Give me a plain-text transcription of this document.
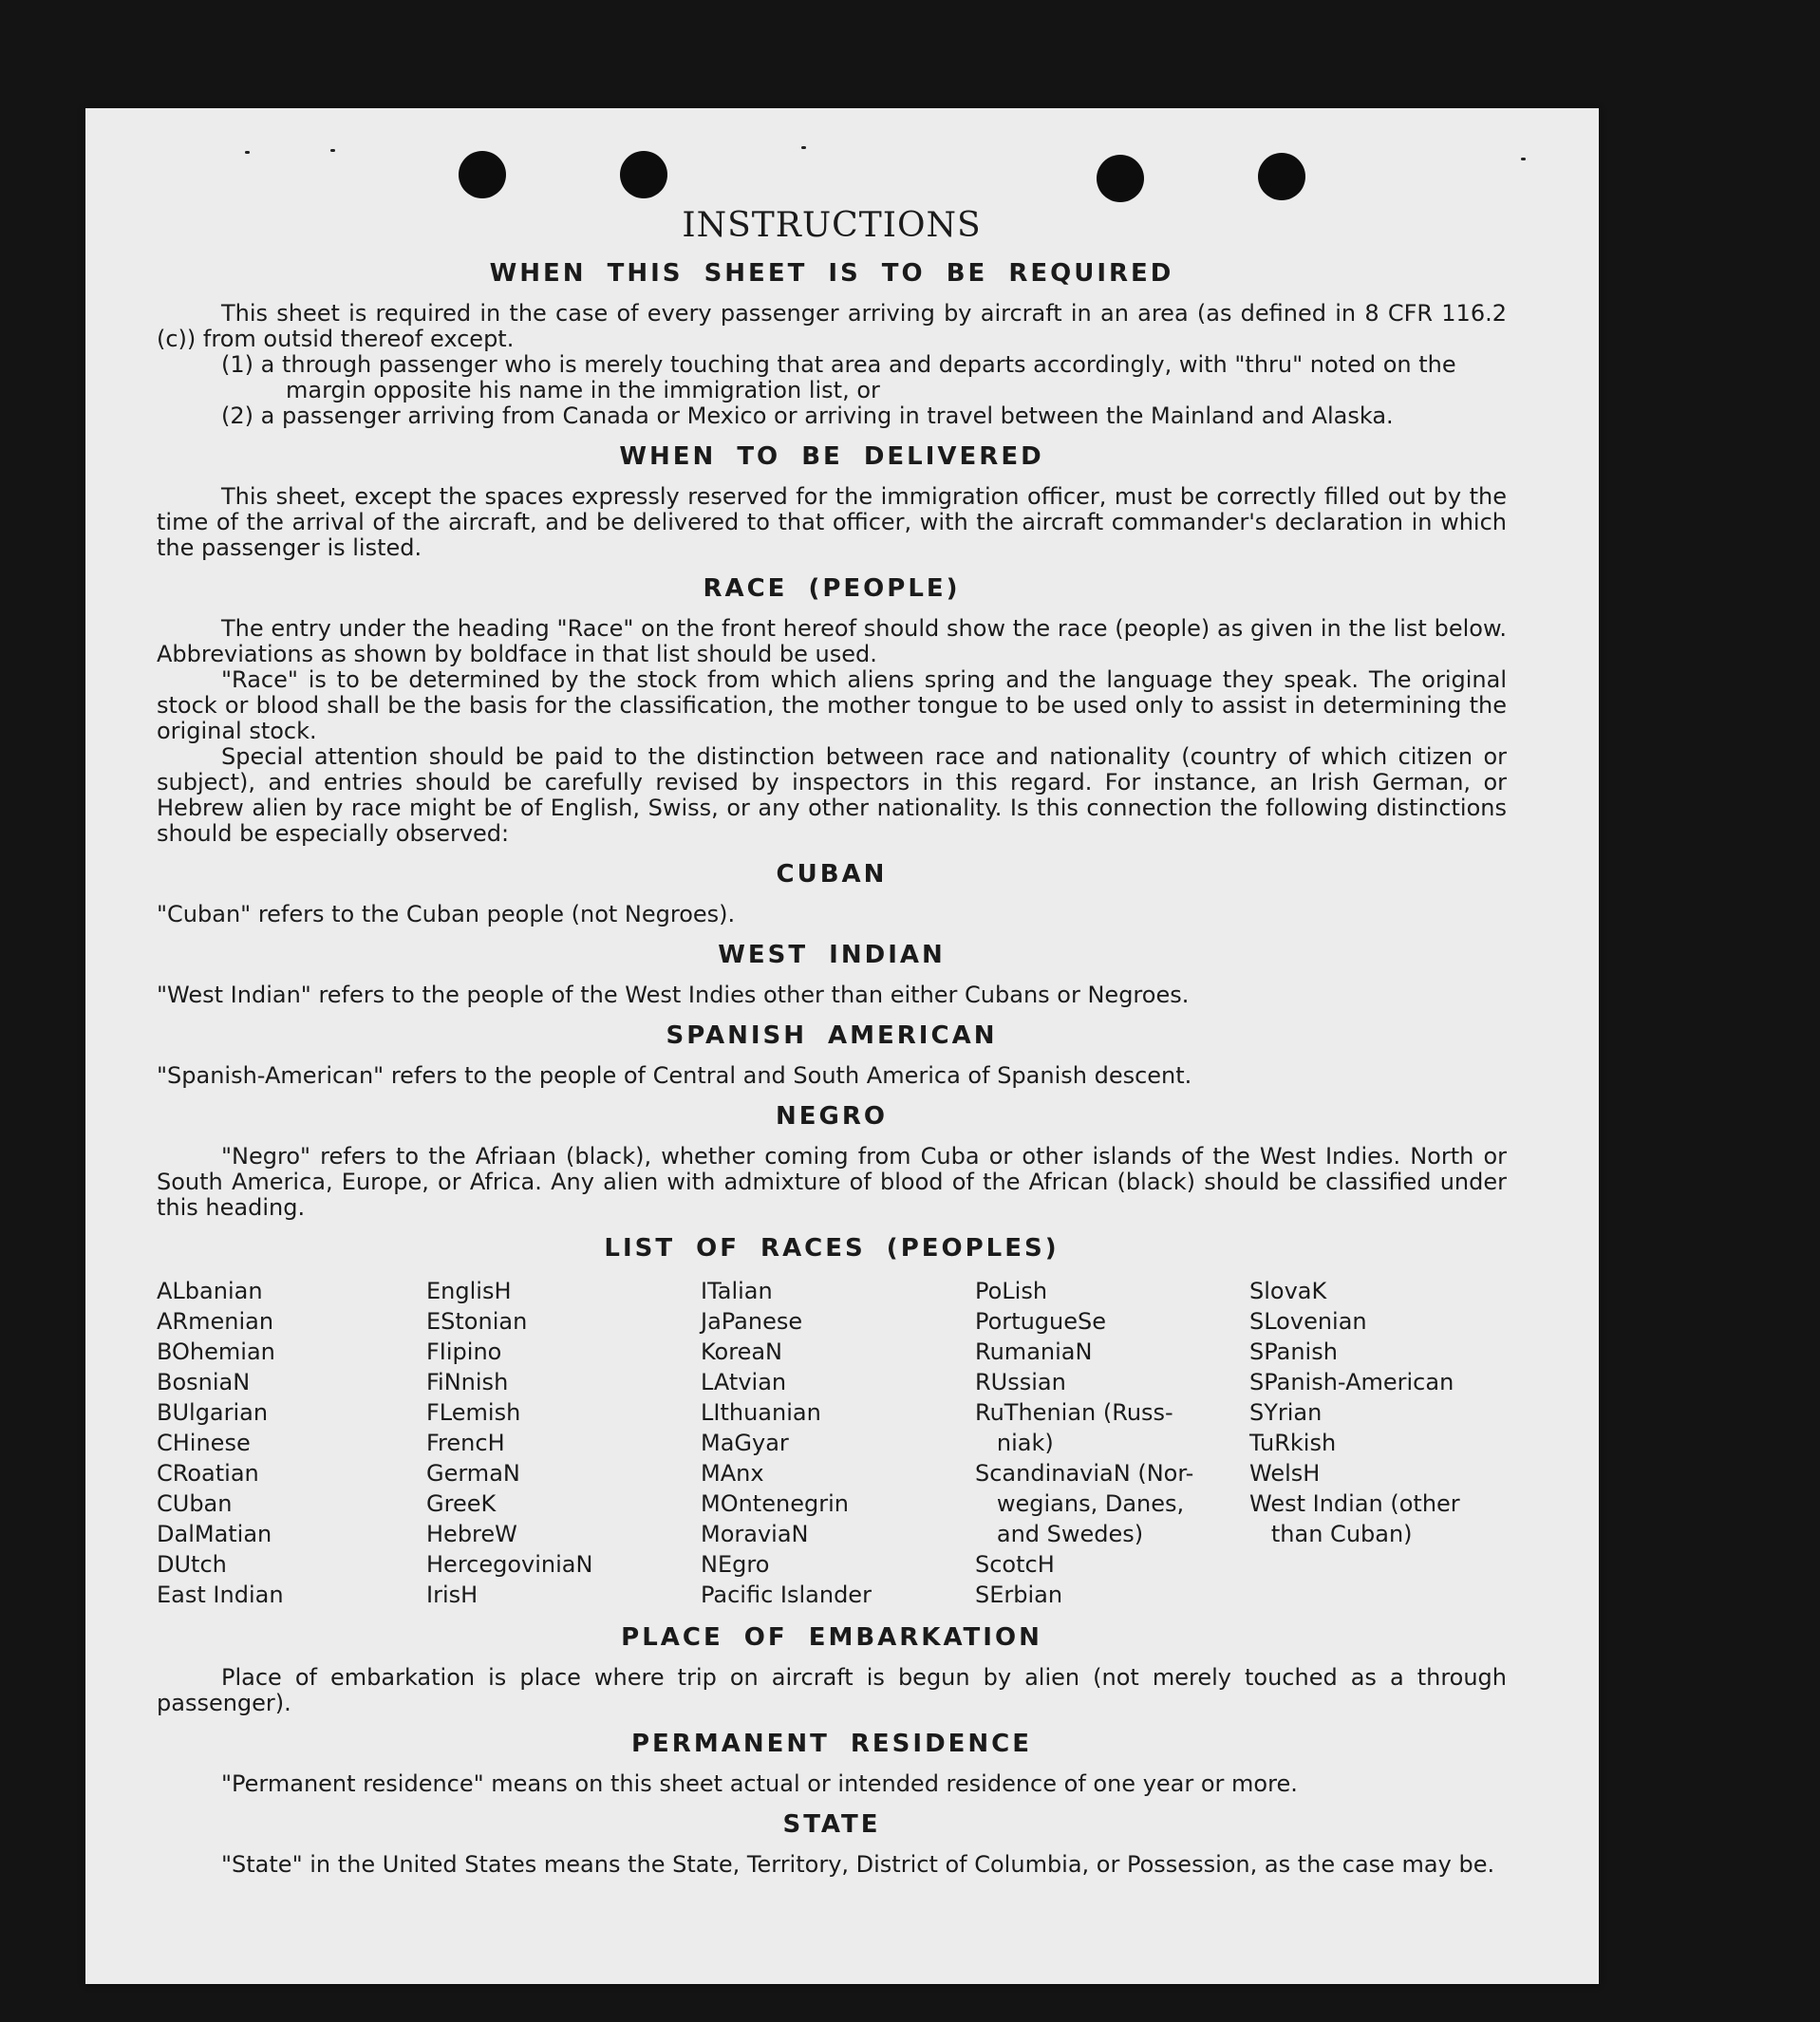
INSTRUCTIONS
WHEN THIS SHEET IS TO BE REQUIRED

This sheet is required in the case of every passenger arriving by aircraft in an area (as defined in 8 CFR 116.2 (c)) from outsid thereof except.

(1) a through passenger who is merely touching that area and departs accordingly, with "thru" noted on the margin opposite his name in the immigration list, or

(2) a passenger arriving from Canada or Mexico or arriving in travel between the Mainland and Alaska.

WHEN TO BE DELIVERED

This sheet, except the spaces expressly reserved for the immigration officer, must be correctly filled out by the time of the arrival of the aircraft, and be delivered to that officer, with the aircraft commander's declaration in which the passenger is listed.

RACE (PEOPLE)

The entry under the heading "Race" on the front hereof should show the race (people) as given in the list below. Abbreviations as shown by boldface in that list should be used.

"Race" is to be determined by the stock from which aliens spring and the language they speak. The original stock or blood shall be the basis for the classification, the mother tongue to be used only to assist in determining the original stock.

Special attention should be paid to the distinction between race and nationality (country of which citizen or subject), and entries should be carefully revised by inspectors in this regard. For instance, an Irish German, or Hebrew alien by race might be of English, Swiss, or any other nationality. Is this connection the following distinctions should be especially observed:

CUBAN

"Cuban" refers to the Cuban people (not Negroes).

WEST INDIAN

"West Indian" refers to the people of the West Indies other than either Cubans or Negroes.

SPANISH AMERICAN

"Spanish-American" refers to the people of Central and South America of Spanish descent.

NEGRO

"Negro" refers to the Afriaan (black), whether coming from Cuba or other islands of the West Indies. North or South America, Europe, or Africa. Any alien with admixture of blood of the African (black) should be classified under this heading.

LIST OF RACES (PEOPLES)
ALbanian
ARmenian
BOhemian
BosniaN
BUlgarian
CHinese
CRoatian
CUban
DalMatian
DUtch
East Indian
EnglisH
EStonian
FIipino
FiNnish
FLemish
FrencH
GermaN
GreeK
HebreW
HercegoviniaN
IrisH
ITalian
JaPanese
KoreaN
LAtvian
LIthuanian
MaGyar
MAnx
MOntenegrin
MoraviaN
NEgro
Pacific Islander
PoLish
PortugueSe
RumaniaN
RUssian
RuThenian (Russ-
niak)
ScandinaviaN (Nor-
wegians, Danes,
and Swedes)
ScotcH
SErbian
SlovaK
SLovenian
SPanish
SPanish-American
SYrian
TuRkish
WelsH
West Indian (other
than Cuban)
PLACE OF EMBARKATION

Place of embarkation is place where trip on aircraft is begun by alien (not merely touched as a through passenger).

PERMANENT RESIDENCE

"Permanent residence" means on this sheet actual or intended residence of one year or more.

STATE

"State" in the United States means the State, Territory, District of Columbia, or Possession, as the case may be.
